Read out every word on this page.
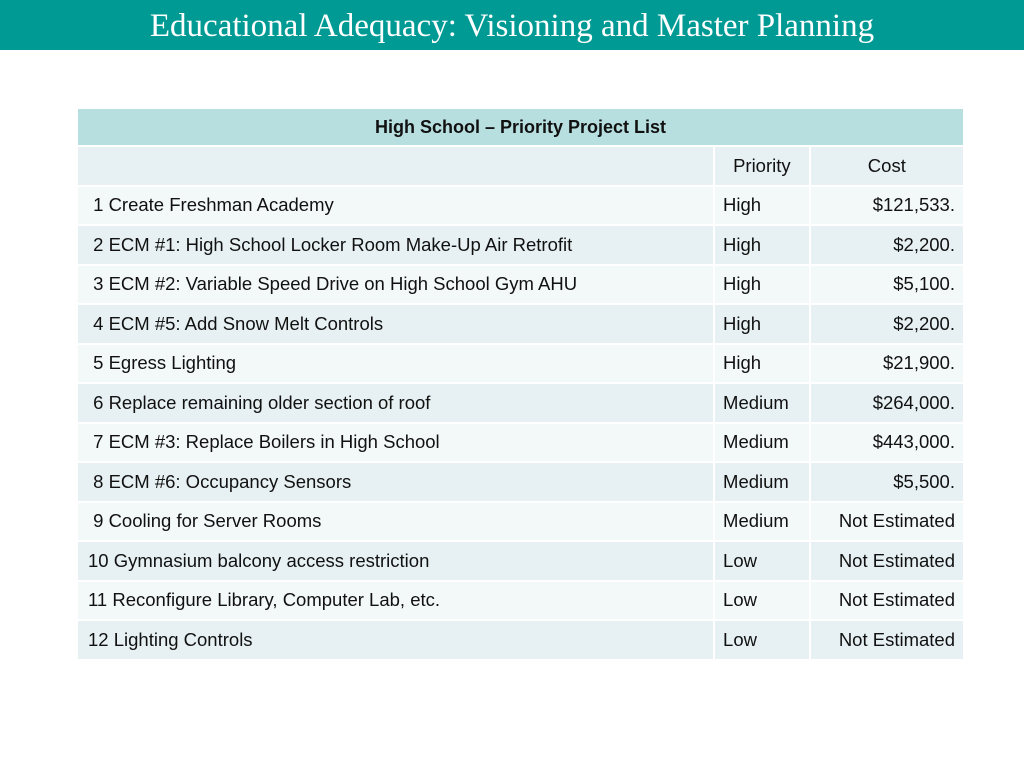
Educational Adequacy: Visioning and Master Planning
High School – Priority Project List		
	Priority	Cost
1 Create Freshman Academy	High	$121,533.
2 ECM #1: High School Locker Room Make-Up Air Retrofit	High	$2,200.
3 ECM #2: Variable Speed Drive on High School Gym AHU	High	$5,100.
4 ECM #5: Add Snow Melt Controls	High	$2,200.
5 Egress Lighting	High	$21,900.
6 Replace remaining older section of roof	Medium	$264,000.
7 ECM #3: Replace Boilers in High School	Medium	$443,000.
8 ECM #6: Occupancy Sensors	Medium	$5,500.
9 Cooling for Server Rooms	Medium	Not Estimated
10 Gymnasium balcony access restriction	Low	Not Estimated
11 Reconfigure Library, Computer Lab, etc.	Low	Not Estimated
12 Lighting Controls	Low	Not Estimated
